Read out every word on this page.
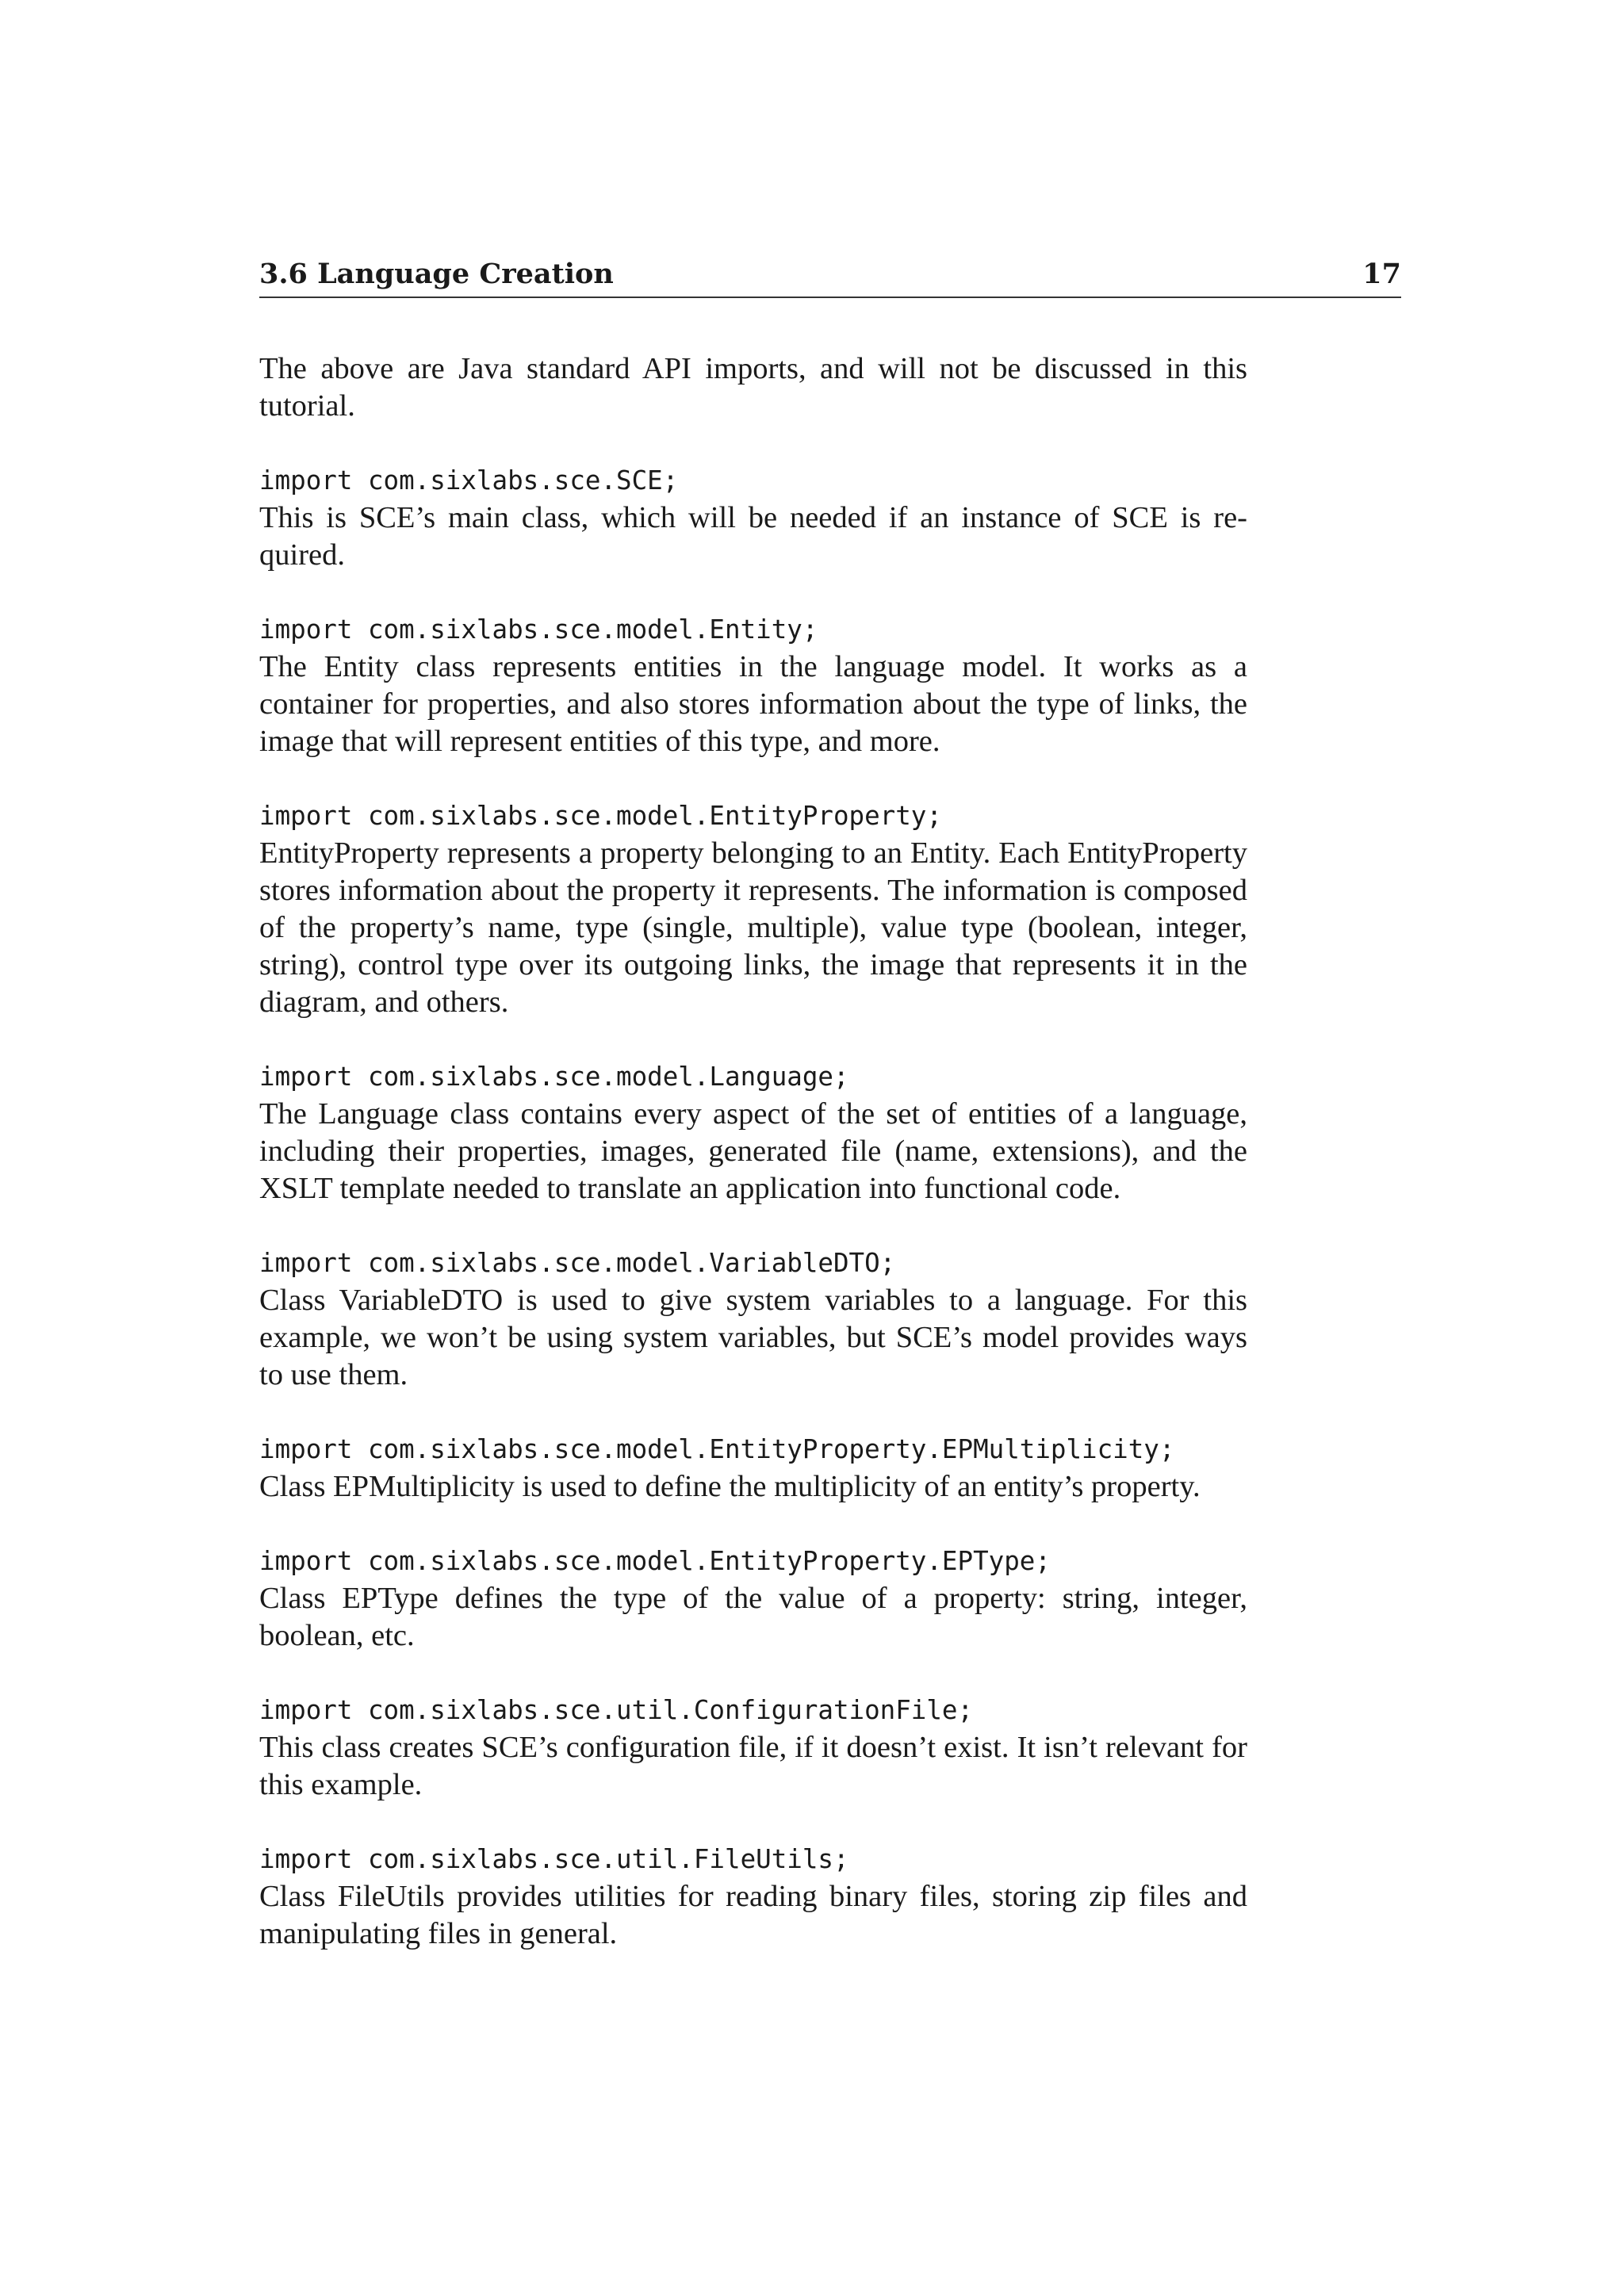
3.6 Language Creation	17

The above are Java standard API imports, and will not be discussed in this tutorial.

import com.sixlabs.sce.SCE;

This is SCE’s main class, which will be needed if an instance of SCE is required.

import com.sixlabs.sce.model.Entity;

The Entity class represents entities in the language model. It works as a container for properties, and also stores information about the type of links, the image that will represent entities of this type, and more.

import com.sixlabs.sce.model.EntityProperty;

EntityProperty represents a property belonging to an Entity. Each EntityProperty stores information about the property it represents. The information is composed of the property’s name, type (single, multiple), value type (boolean, integer, string), control type over its outgoing links, the image that represents it in the diagram, and others.

import com.sixlabs.sce.model.Language;

The Language class contains every aspect of the set of entities of a language, including their properties, images, generated file (name, extensions), and the XSLT template needed to translate an application into functional code.

import com.sixlabs.sce.model.VariableDTO;

Class VariableDTO is used to give system variables to a language. For this example, we won’t be using system variables, but SCE’s model provides ways to use them.

import com.sixlabs.sce.model.EntityProperty.EPMultiplicity;

Class EPMultiplicity is used to define the multiplicity of an entity’s property.

import com.sixlabs.sce.model.EntityProperty.EPType;

Class EPType defines the type of the value of a property: string, integer, boolean, etc.

import com.sixlabs.sce.util.ConfigurationFile;

This class creates SCE’s configuration file, if it doesn’t exist. It isn’t relevant for this example.

import com.sixlabs.sce.util.FileUtils;

Class FileUtils provides utilities for reading binary files, storing zip files and manipulating files in general.
